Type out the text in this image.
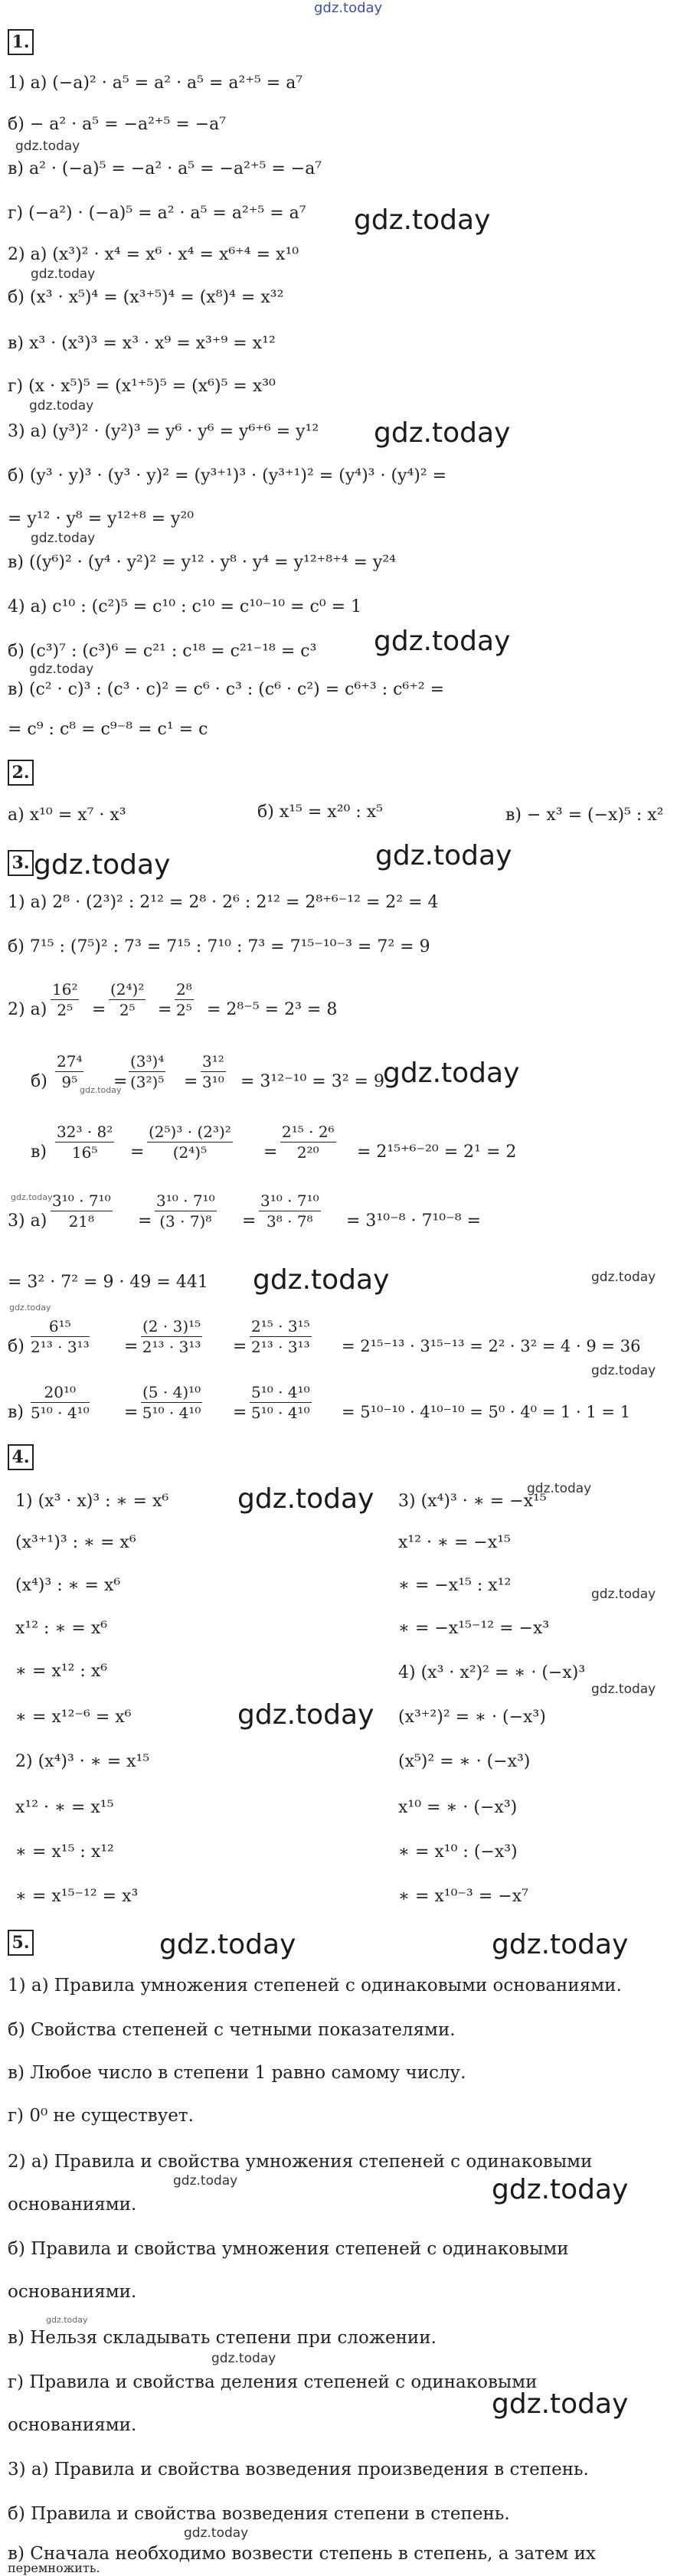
gdz.today
1.
1) а) (−a)² · a⁵ = a² · a⁵ = a²⁺⁵ = a⁷
б) − a² · a⁵ = −a²⁺⁵ = −a⁷
gdz.today
в) a² · (−a)⁵ = −a² · a⁵ = −a²⁺⁵ = −a⁷
г) (−a²) · (−a)⁵ = a² · a⁵ = a²⁺⁵ = a⁷ gdz.today
2) а) (x³)² · x⁴ = x⁶ · x⁴ = x⁶⁺⁴ = x¹⁰
gdz.today
б) (x³ · x⁵)⁴ = (x³⁺⁵)⁴ = (x⁸)⁴ = x³²
в) x³ · (x³)³ = x³ · x⁹ = x³⁺⁹ = x¹²
г) (x · x⁵)⁵ = (x¹⁺⁵)⁵ = (x⁶)⁵ = x³⁰
gdz.today
3) а) (y³)² · (y²)³ = y⁶ · y⁶ = y⁶⁺⁶ = y¹² gdz.today
б) (y³ · y)³ · (y³ · y)² = (y³⁺¹)³ · (y³⁺¹)² = (y⁴)³ · (y⁴)² =
= y¹² · y⁸ = y¹²⁺⁸ = y²⁰
gdz.today
в) ((y⁶)² · (y⁴ · y²)² = y¹² · y⁸ · y⁴ = y¹²⁺⁸⁺⁴ = y²⁴
4) а) c¹⁰ : (c²)⁵ = c¹⁰ : c¹⁰ = c¹⁰⁻¹⁰ = c⁰ = 1
б) (c³)⁷ : (c³)⁶ = c²¹ : c¹⁸ = c²¹⁻¹⁸ = c³ gdz.today
gdz.today
в) (c² · c)³ : (c³ · c)² = c⁶ · c³ : (c⁶ · c²) = c⁶⁺³ : c⁶⁺² =
= c⁹ : c⁸ = c⁹⁻⁸ = c¹ = c
2.
а) x¹⁰ = x⁷ · x³	б) x¹⁵ = x²⁰ : x⁵	в) − x³ = (−x)⁵ : x²
3. gdz.today	gdz.today
1) а) 2⁸ · (2³)² : 2¹² = 2⁸ · 2⁶ : 2¹² = 2⁸⁺⁶⁻¹² = 2² = 4
б) 7¹⁵ : (7⁵)² : 7³ = 7¹⁵ : 7¹⁰ : 7³ = 7¹⁵⁻¹⁰⁻³ = 7² = 9
2) $а) \frac{\text{16²}}{\text{2⁵}} = \frac{\text{(2⁴)²}}{\text{2⁵}} = \frac{\text{2⁸}}{\text{2⁵}} = 2^{8-5} = 2^3 = 8$
$б) \frac{\text{27⁴}}{\text{9⁵}}$
gdz.today
= $\frac{\text{(3³)⁴}}{\text{(3²)⁵}} = \frac{\text{3¹²}}{\text{3¹⁰}} = 3^{12-10} = 3^2 = 9$
gdz.today
$в) \frac{\text{32³ · 8²}}{\text{16⁵}} = \frac{\text{(2⁵)³ · (2³)²}}{\text{(2⁴)⁵}} = \frac{\text{2¹⁵ · 2⁶}}{\text{2²⁰}} = 2^{15+6-20} = 2^1 = 2$
gdz.today
3) $а) \frac{\text{3¹⁰ · 7¹⁰}}{\text{21⁸}} = \frac{\text{3¹⁰ · 7¹⁰}}{\text{(3 · 7)⁸}} = \frac{\text{3¹⁰ · 7¹⁰}}{\text{3⁸ · 7⁸}} = 3^{10-8} \cdot 7^{10-8}$ =
= 3² · 7² = 9 · 49 = 441 gdz.today	gdz.today
gdz.today
$б) \frac{\text{6¹⁵}}{\text{2¹³ · 3¹³}} = \frac{\text{(2 · 3)¹⁵}}{\text{2¹³ · 3¹³}} = \frac{\text{2¹⁵ · 3¹⁵}}{\text{2¹³ · 3¹³}} = 2^{15-13} \cdot 3^{15-13} = 2^2 \cdot 3^2 = 4 \cdot 9 = 36$
gdz.today
$в) \frac{\text{20¹⁰}}{\text{5¹⁰ · 4¹⁰}} = \frac{\text{(5 · 4)¹⁰}}{\text{5¹⁰ · 4¹⁰}} = \frac{\text{5¹⁰ · 4¹⁰}}{\text{5¹⁰ · 4¹⁰}} = 5^{10-10} \cdot 4^{10-10} = 5^0 \cdot 4^0 = 1 \cdot 1 = 1$
4.
1) (x³ · x)³ : ∗ = x⁶
(x³⁺¹)³ : ∗ = x⁶
(x⁴)³ : ∗ = x⁶
x¹² : ∗ = x⁶
∗ = x¹² : x⁶
∗ = x¹²⁻⁶ = x⁶
2) (x⁴)³ · ∗ = x¹⁵
x¹² · ∗ = x¹⁵
∗ = x¹⁵ : x¹²
∗ = x¹⁵⁻¹² = x³
gdz.today	gdz.today
gdz.today
gdz.today
gdz.today
3) (x⁴)³ · ∗ = −x¹⁵
x¹² · ∗ = −x¹⁵
∗ = −x¹⁵ : x¹²
∗ = −x¹⁵⁻¹² = −x³
4) (x³ · x²)² = ∗ · (−x)³
(x³⁺²)² = ∗ · (−x³)
(x⁵)² = ∗ · (−x³)
x¹⁰ = ∗ · (−x³)
∗ = x¹⁰ : (−x³)
∗ = x¹⁰⁻³ = −x⁷
5.	gdz.today	gdz.today
1) а) Правила умножения степеней с одинаковыми основаниями.
б) Свойства степеней с четными показателями.
в) Любое число в степени 1 равно самому числу.
г) 0⁰ не существует.
2) а) Правила и свойства умножения степеней с одинаковыми
gdz.today	gdz.today
основаниями.
б) Правила и свойства умножения степеней с одинаковыми
основаниями.
gdz.today
в) Нельзя складывать степени при сложении.
gdz.today
г) Правила и свойства деления степеней с одинаковыми
gdz.today
основаниями.
3) а) Правила и свойства возведения произведения в степень.
б) Правила и свойства возведения степени в степень.
gdz.today
в) Сначала необходимо возвести степень в степень, а затем их
перемножить.
